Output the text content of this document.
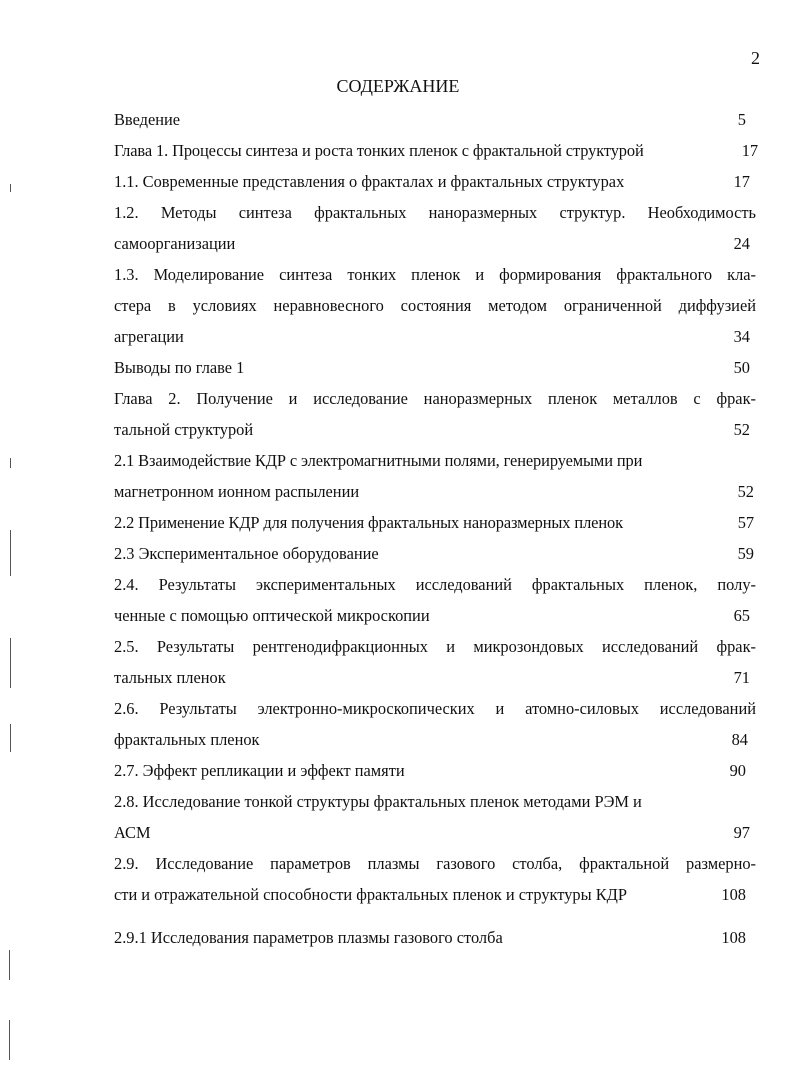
2
СОДЕРЖАНИЕ
Введение	5
Глава 1. Процессы синтеза и роста тонких пленок с фрактальной структурой	17
1.1. Современные представления о фракталах и фрактальных структурах	17
1.2. Методы синтеза фрактальных наноразмерных структур. Необходимость
самоорганизации	24
1.3. Моделирование синтеза тонких пленок и формирования фрактального кла-
стера в условиях неравновесного состояния методом ограниченной диффузией
агрегации	34
Выводы по главе 1	50
Глава 2. Получение и исследование наноразмерных пленок металлов с фрак-
тальной структурой	52
2.1 Взаимодействие КДР с электромагнитными полями, генерируемыми при
магнетронном ионном распылении	52
2.2 Применение КДР для получения фрактальных наноразмерных пленок	57
2.3 Экспериментальное оборудование	59
2.4. Результаты экспериментальных исследований фрактальных пленок, полу-
ченные с помощью оптической микроскопии	65
2.5. Результаты рентгенодифракционных и микрозондовых исследований фрак-
тальных пленок	71
2.6. Результаты электронно-микроскопических и атомно-силовых исследований
фрактальных пленок	84
2.7. Эффект репликации и эффект памяти	90
2.8. Исследование тонкой структуры фрактальных пленок методами РЭМ и
АСМ	97
2.9. Исследование параметров плазмы газового столба, фрактальной размерно-
сти и отражательной способности фрактальных пленок и структуры КДР	108
2.9.1 Исследования параметров плазмы газового столба	108
